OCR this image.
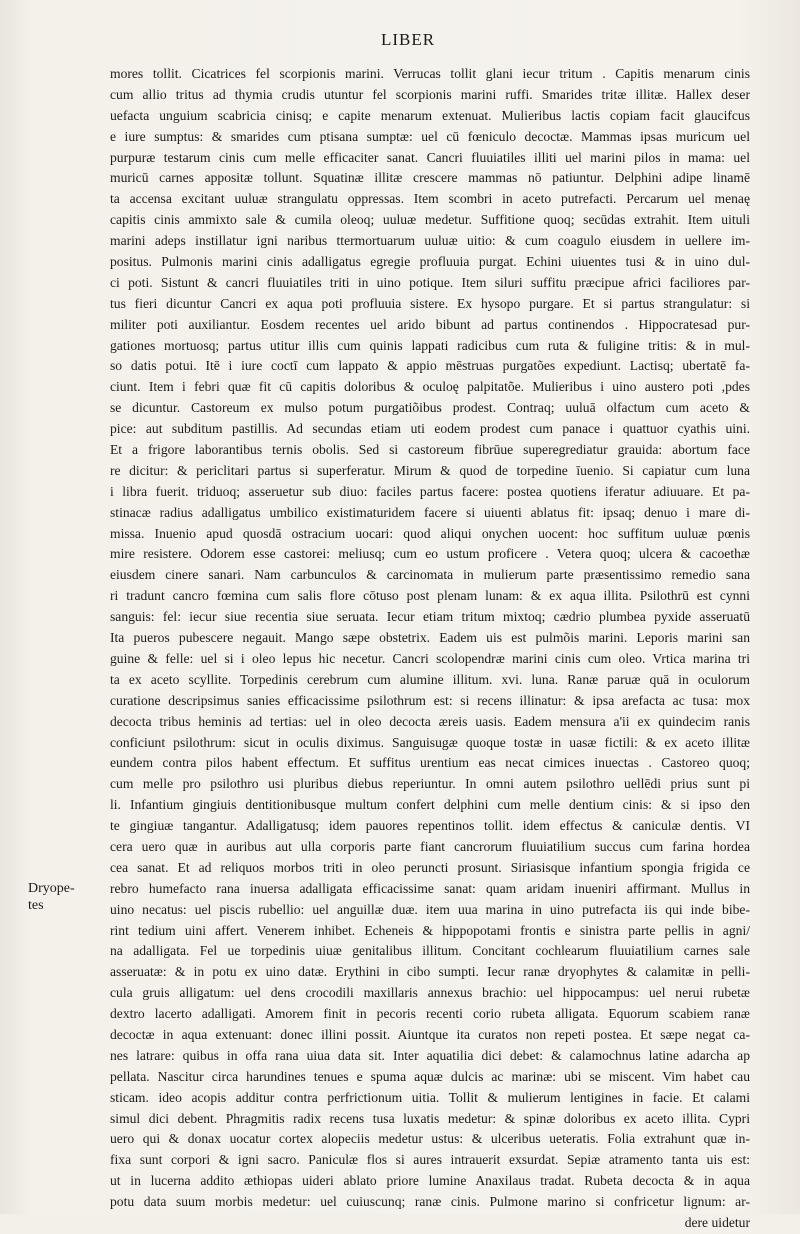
LIBER
Dryope-
tes
mores tollit. Cicatrices fel scorpionis marini. Verrucas tollit glani iecur tritum . Capitis menarum cinis
cum allio tritus ad thymia crudis utuntur fel scorpionis marini ruffi. Smarides tritæ illitæ. Hallex deser
uefacta unguium scabricia cinisq; e capite menarum extenuat. Mulieribus lactis copiam facit glaucifcus
e iure sumptus: & smarides cum ptisana sumptæ: uel cū fœniculo decoctæ. Mammas ipsas muricum uel
purpuræ testarum cinis cum melle efficaciter sanat. Cancri fluuiatiles illiti uel marini pilos in mama: uel
muricū carnes appositæ tollunt. Squatinæ illitæ crescere mammas nō patiuntur. Delphini adipe linamē
ta accensa excitant uuluæ strangulatu oppressas. Item scombri in aceto putrefacti. Percarum uel menaę
capitis cinis ammixto sale & cumila oleoq; uuluæ medetur. Suffitione quoq; secūdas extrahit. Item uituli
marini adeps instillatur igni naribus ttermortuarum uuluæ uitio: & cum coagulo eiusdem in uellere im-
positus. Pulmonis marini cinis adalligatus egregie profluuia purgat. Echini uiuentes tusi & in uino dul-
ci poti. Sistunt & cancri fluuiatiles triti in uino potique. Item siluri suffitu præcipue africi faciliores par-
tus fieri dicuntur Cancri ex aqua poti profluuia sistere. Ex hysopo purgare. Et si partus strangulatur: si
militer poti auxiliantur. Eosdem recentes uel arido bibunt ad partus continendos . Hippocratesad pur-
gationes mortuosq; partus utitur illis cum quinis lappati radicibus cum ruta & fuligine tritis: & in mul-
so datis potui. Itē i iure coctī cum lappato & appio mēstruas purgatões expediunt. Lactisq; ubertatē fa-
ciunt. Item i febri quæ fit cū capitis doloribus & oculoę palpitatõe. Mulieribus i uino austero poti ,pdes
se dicuntur. Castoreum ex mulso potum purgatiõibus prodest. Contraq; uuluā olfactum cum aceto &
pice: aut subditum pastillis. Ad secundas etiam uti eodem prodest cum panace i quattuor cyathis uini.
Et a frigore laborantibus ternis obolis. Sed si castoreum fibrūue superegrediatur grauida: abortum face
re dicitur: & periclitari partus si superferatur. Mirum & quod de torpedine īuenio. Si capiatur cum luna
i libra fuerit. triduoq; asseruetur sub diuo: faciles partus facere: postea quotiens iferatur adiuuare. Et pa-
stinacæ radius adalligatus umbilico existimaturidem facere si uiuenti ablatus fit: ipsaq; denuo i mare di-
missa. Inuenio apud quosdā ostracium uocari: quod aliqui onychen uocent: hoc suffitum uuluæ pœnis
mire resistere. Odorem esse castorei: meliusq; cum eo ustum proficere . Vetera quoq; ulcera & cacoethæ
eiusdem cinere sanari. Nam carbunculos & carcinomata in mulierum parte præsentissimo remedio sana
ri tradunt cancro fœmina cum salis flore cōtuso post plenam lunam: & ex aqua illita. Psilothrū est cynni
sanguis: fel: iecur siue recentia siue seruata. Iecur etiam tritum mixtoq; cædrio plumbea pyxide asseruatū
Ita pueros pubescere negauit. Mango sæpe obstetrix. Eadem uis est pulmõis marini. Leporis marini san
guine & felle: uel si i oleo lepus hic necetur. Cancri scolopendræ marini cinis cum oleo. Vrtica marina tri
ta ex aceto scyllite. Torpedinis cerebrum cum alumine illitum. xvi. luna. Ranæ paruæ quā in oculorum
curatione descripsimus sanies efficacissime psilothrum est: si recens illinatur: & ipsa arefacta ac tusa: mox
decocta tribus heminis ad tertias: uel in oleo decocta æreis uasis. Eadem mensura a'ii ex quindecim ranis
conficiunt psilothrum: sicut in oculis diximus. Sanguisugæ quoque tostæ in uasæ fictili: & ex aceto illitæ
eundem contra pilos habent effectum. Et suffitus urentium eas necat cimices inuectas . Castoreo quoq;
cum melle pro psilothro usi pluribus diebus reperiuntur. In omni autem psilothro uellēdi prius sunt pi
li. Infantium gingiuis dentitionibusque multum confert delphini cum melle dentium cinis: & si ipso den
te gingiuæ tangantur. Adalligatusq; idem pauores repentinos tollit. idem effectus & caniculæ dentis. VI
cera uero quæ in auribus aut ulla corporis parte fiant cancrorum fluuiatilium succus cum farina hordea
cea sanat. Et ad reliquos morbos triti in oleo peruncti prosunt. Siriasisque infantium spongia frigida ce
rebro humefacto rana inuersa adalligata efficacissime sanat: quam aridam inueniri affirmant. Mullus in
uino necatus: uel piscis rubellio: uel anguillæ duæ. item uua marina in uino putrefacta iis qui inde bibe-
rint tedium uini affert. Venerem inhibet. Echeneis & hippopotami frontis e sinistra parte pellis in agni/
na adalligata. Fel ue torpedinis uiuæ genitalibus illitum. Concitant cochlearum fluuiatilium carnes sale
asseruatæ: & in potu ex uino datæ. Erythini in cibo sumpti. Iecur ranæ dryophytes & calamitæ in pelli-
cula gruis alligatum: uel dens crocodili maxillaris annexus brachio: uel hippocampus: uel nerui rubetæ
dextro lacerto adalligati. Amorem finit in pecoris recenti corio rubeta alligata. Equorum scabiem ranæ
decoctæ in aqua extenuant: donec illini possit. Aiuntque ita curatos non repeti postea. Et sæpe negat ca-
nes latrare: quibus in offa rana uiua data sit. Inter aquatilia dici debet: & calamochnus latine adarcha ap
pellata. Nascitur circa harundines tenues e spuma aquæ dulcis ac marinæ: ubi se miscent. Vim habet cau
sticam. ideo acopis additur contra perfrictionum uitia. Tollit & mulierum lentigines in facie. Et calami
simul dici debent. Phragmitis radix recens tusa luxatis medetur: & spinæ doloribus ex aceto illita. Cypri
uero qui & donax uocatur cortex alopeciis medetur ustus: & ulceribus ueteratis. Folia extrahunt quæ in-
fixa sunt corpori & igni sacro. Paniculæ flos si aures intrauerit exsurdat. Sepiæ atramento tanta uis est:
ut in lucerna addito æthiopas uideri ablato priore lumine Anaxilaus tradat. Rubeta decocta & in aqua
potu data suum morbis medetur: uel cuiuscunq; ranæ cinis. Pulmone marino si confricetur lignum: ar-
dere uidetur
